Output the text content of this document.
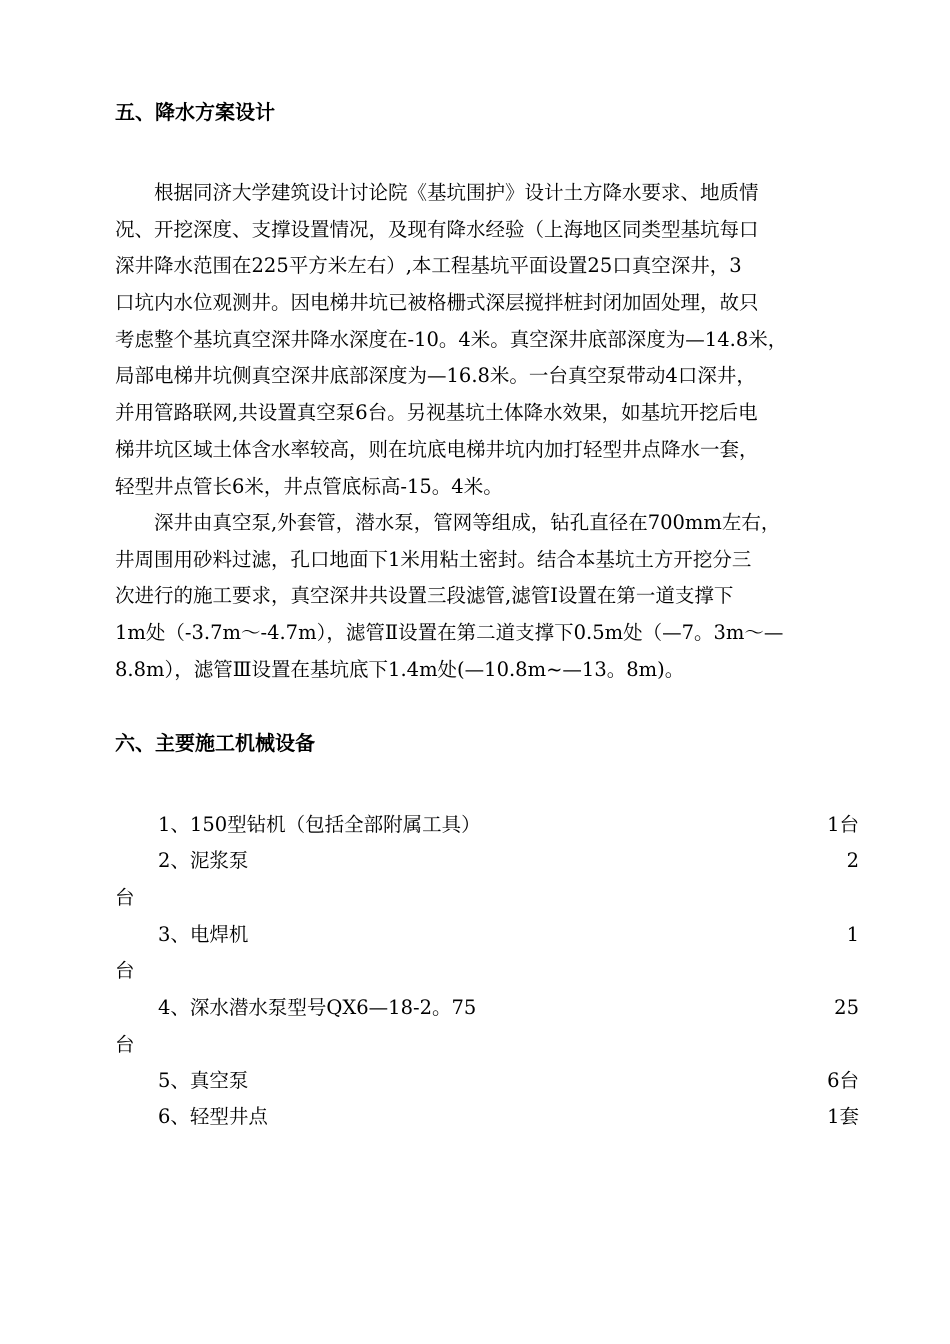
五、降水方案设计
　　根据同济大学建筑设计讨论院《基坑围护》设计土方降水要求、地质情
况、开挖深度、支撑设置情况，及现有降水经验（上海地区同类型基坑每口
深井降水范围在225平方米左右）,本工程基坑平面设置25口真空深井，3
口坑内水位观测井。因电梯井坑已被格栅式深层搅拌桩封闭加固处理，故只
考虑整个基坑真空深井降水深度在-10。4米。真空深井底部深度为—14.8米，
局部电梯井坑侧真空深井底部深度为—16.8米。一台真空泵带动4口深井，
并用管路联网,共设置真空泵6台。另视基坑土体降水效果，如基坑开挖后电
梯井坑区域土体含水率较高，则在坑底电梯井坑内加打轻型井点降水一套，
轻型井点管长6米，井点管底标高-15。4米。
　　深井由真空泵,外套管，潜水泵，管网等组成，钻孔直径在700mm左右，
井周围用砂料过滤，孔口地面下1米用粘土密封。结合本基坑土方开挖分三
次进行的施工要求，真空深井共设置三段滤管,滤管Ⅰ设置在第一道支撑下
1m处（-3.7m～-4.7m），滤管Ⅱ设置在第二道支撑下0.5m处（—7。3m～—
8.8m），滤管Ⅲ设置在基坑底下1.4m处(—10.8m~—13。8m)。
六、主要施工机械设备
1、150型钻机（包括全部附属工具）	1台
2、泥浆泵	2
台
3、电焊机	1
台
4、深水潜水泵型号QX6—18-2。75	25
台
5、真空泵	6台
6、轻型井点	1套
